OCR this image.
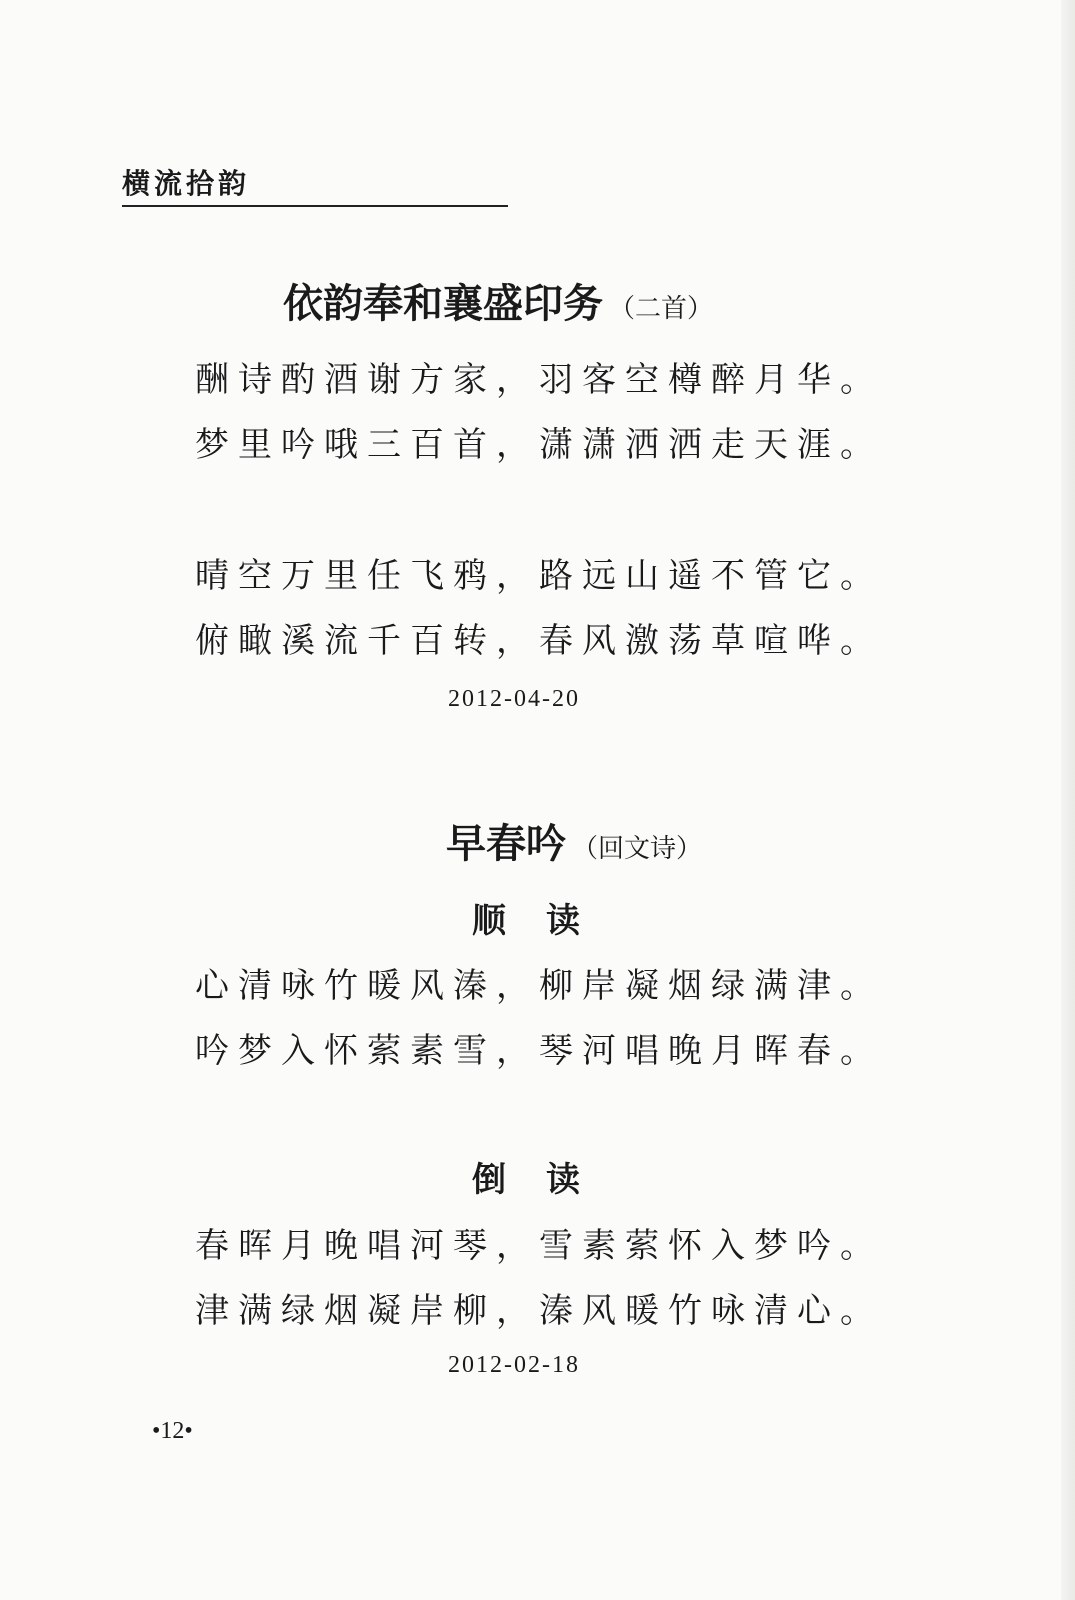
横流拾韵
依韵奉和襄盛印务 （二首）
酬诗酌酒谢方家，羽客空樽醉月华。
梦里吟哦三百首，潇潇洒洒走天涯。
晴空万里任飞鸦，路远山遥不管它。
俯瞰溪流千百转，春风激荡草喧哗。
2012-04-20
早春吟 （回文诗）
顺读
心清咏竹暖风溱，柳岸凝烟绿满津。
吟梦入怀萦素雪，琴河唱晚月晖春。
倒读
春晖月晚唱河琴，雪素萦怀入梦吟。
津满绿烟凝岸柳，溱风暖竹咏清心。
2012-02-18
•12•
